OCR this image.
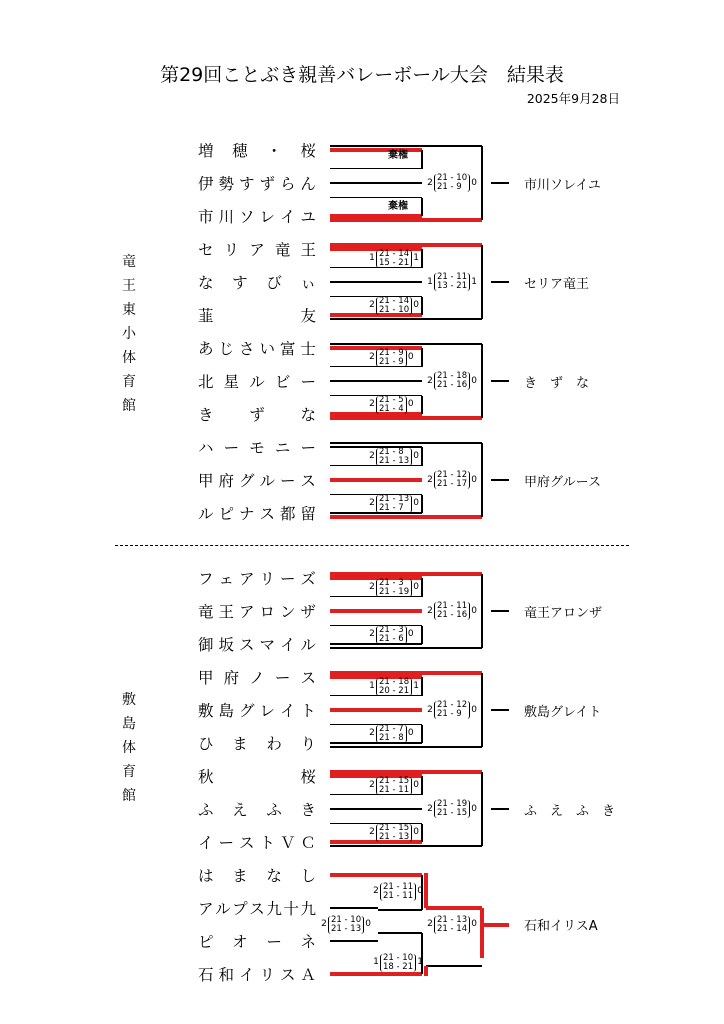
第29回ことぶき親善バレーボール大会　結果表
2025年9月28日
竜
王
東
小
体
育
館
敷
島
体
育
館
増 穂 ・ 桜
伊 勢 す ず ら ん
市 川 ソ レ イ ユ
セ リ ア 竜 王
な す び ぃ
韮	友
あ じ さ い 富 士
北 星 ル ビ ー
き ず な
ハ ー モ ニ ー
甲 府 グ ル ー ス
ル ピ ナ ス 都 留
フ ェ ア リ ー ズ
竜 王 ア ロ ン ザ
御 坂 ス マ イ ル
甲 府 ノ ー ス
敷 島 グ レ イ ト
ひ ま わ り
秋	桜
ふ え ふ き
イ ー ス ト Ｖ Ｃ
は ま な し
ア ル プ ス 九 十 九
ピ オ ー ネ
石 和 イ リ ス Ａ
市川ソレイユ
棄権
棄権
2 21 - 10
21 - 9	0
セリア竜王
1 21 - 14
15 - 21 1
2 21 - 14
21 - 10 0
1 21 - 11
13 - 21 1
き　ず　な
2 21 - 9
21 - 9 0
2 21 - 5
21 - 4 0
2 21 - 18
21 - 16 0
甲府グルース
2 21 - 8
21 - 13 0
2 21 - 13
21 - 7	0
2 21 - 12
21 - 17 0
竜王アロンザ
2 21 - 3
21 - 19 0
2 21 - 3
21 - 6 0
2 21 - 11
21 - 16 0
敷島グレイト
1 21 - 18
20 - 21 1
2 21 - 7
21 - 8 0
2 21 - 12
21 - 9	0
ふ　え　ふ　き
2 21 - 15
21 - 11 0
2 21 - 15
21 - 13 0
2 21 - 19
21 - 15 0
石和イリスA
2 21 - 11
21 - 11 0
2 21 - 10
21 - 13 0
1 21 - 10
18 - 21 1
2 21 - 13
21 - 14 0
